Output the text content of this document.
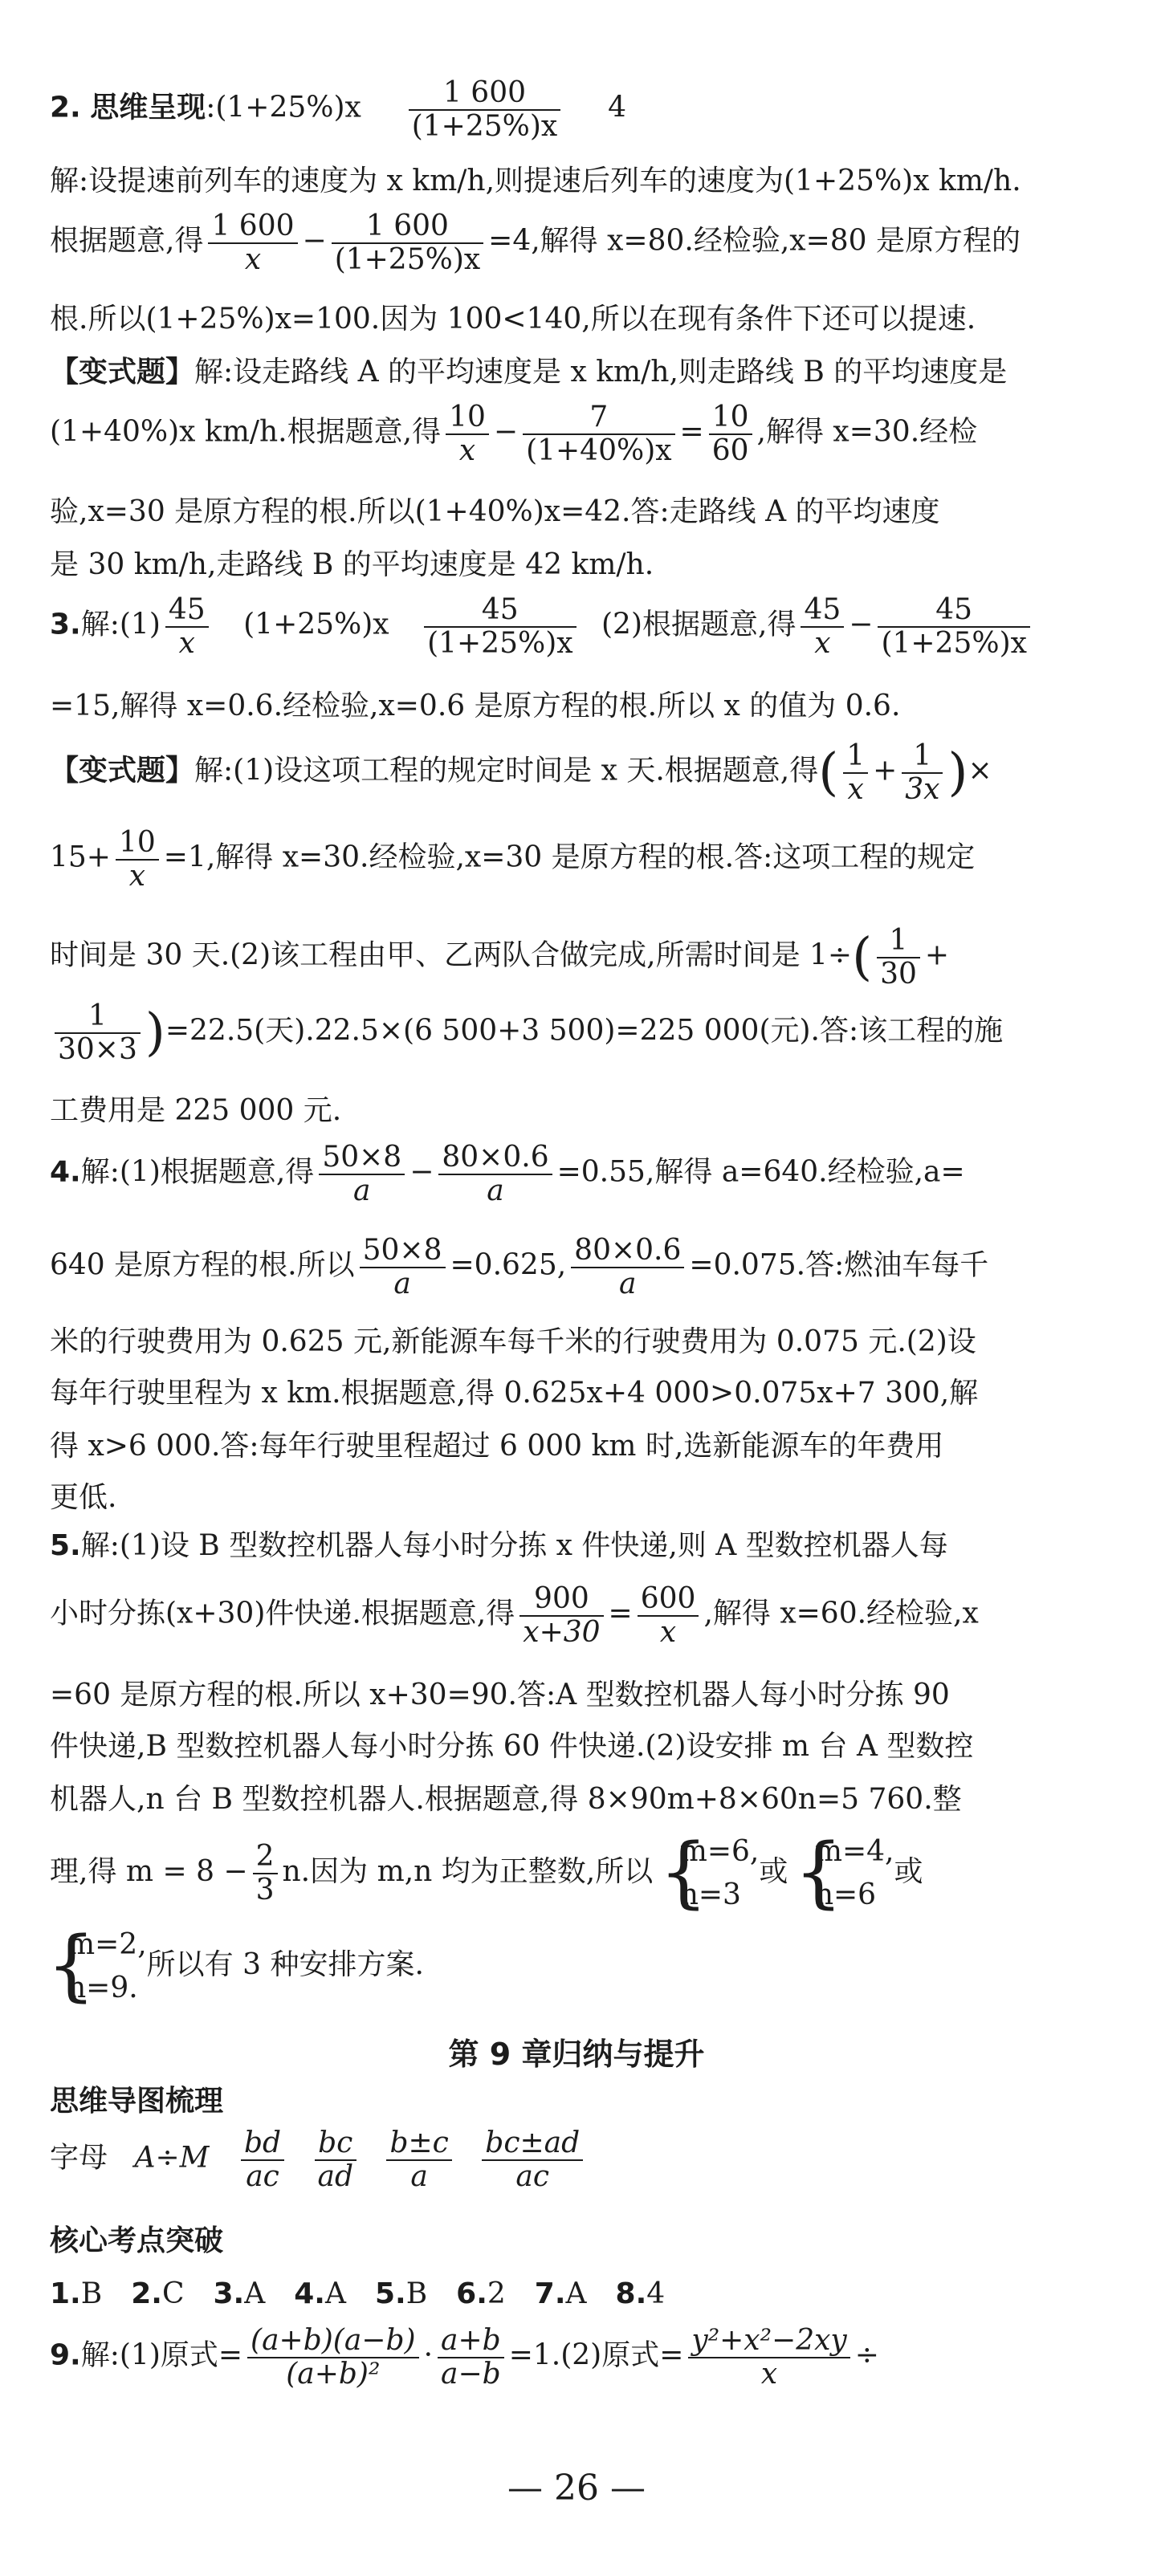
2. 思维呈现:(1+25%)x $\frac{1 600}{(1+25\%)x} 4$
解:设提速前列车的速度为 x km/h,则提速后列车的速度为(1+25%)x km/h.
根据题意,得 $\frac{1 600}{x} - \frac{1 600}{(1+25\%)x} =4$,解得 x=80.经检验,x=80 是原方程的
根.所以(1+25%)x=100.因为 100<140,所以在现有条件下还可以提速.
【变式题】解:设走路线 A 的平均速度是 x km/h,则走路线 B 的平均速度是
(1+40%)x km/h.根据题意,得 $\frac{10}{x} - \frac{7}{(1+40\%)x} = \frac{10}{60}$ ,解得 x=30.经检
验,x=30 是原方程的根.所以(1+40%)x=42.答:走路线 A 的平均速度
是 30 km/h,走路线 B 的平均速度是 42 km/h.
3.解:(1) $\frac{45}{x} (1+25\%)x \frac{45}{(1+25\%)x} (2)$根据题意,得 $\frac{45}{x} - \frac{45}{(1+25\%)x}$
=15,解得 x=0.6.经检验,x=0.6 是原方程的根.所以 x 的值为 0.6.
【变式题】解:(1)设这项工程的规定时间是 x 天.根据题意,得( $\frac{1}{x} + \frac{1}{3x}$ )×
$15+ \frac{10}{x} =1$,解得 x=30.经检验,x=30 是原方程的根.答:这项工程的规定
时间是 30 天.(2)该工程由甲、乙两队合做完成,所需时间是 $1\div( \frac{1}{30}$ +
$\frac{1}{30\times 3} )=22.5$(天).22.5×(6 500+3 500)=225 000(元).答:该工程的施
工费用是 225 000 元.
4.解:(1)根据题意,得 $\frac{50\times 8}{a} - \frac{80\times 0.6}{a} =0.55$,解得 a=640.经检验,a=
640 是原方程的根.所以 $\frac{50\times 8}{a} =0.625$, $\frac{80\times 0.6}{a} =0.075$.答:燃油车每千
米的行驶费用为 0.625 元,新能源车每千米的行驶费用为 0.075 元.(2)设
每年行驶里程为 x km.根据题意,得 0.625x+4 000>0.075x+7 300,解
得 x>6 000.答:每年行驶里程超过 6 000 km 时,选新能源车的年费用
更低.
5.解:(1)设 B 型数控机器人每小时分拣 x 件快递,则 A 型数控机器人每
小时分拣(x+30)件快递.根据题意,得 $\frac{900}{x+30} = \frac{600}{x}$ ,解得 x=60.经检验,x
=60 是原方程的根.所以 x+30=90.答:A 型数控机器人每小时分拣 90
件快递,B 型数控机器人每小时分拣 60 件快递.(2)设安排 m 台 A 型数控
机器人,n 台 B 型数控机器人.根据题意,得 8×90m+8×60n=5 760.整
理,得 $m = 8 - \frac{2}{3} n$.因为 m,n 均为正整数,所以
{ m=6,
n=3
或
{ m=4,
n=6
或
{ m=2,
n=9.
所以有 3 种安排方案.
第 9 章归纳与提升
思维导图梳理
字母 $A\div M \frac{bd}{ac}$
$\frac{bc}{ad}$
$\frac{b\pm c}{a}$
$\frac{bc\pm ad}{ac}$
核心考点突破
1.B 2.C 3.A 4.A 5.B 6.2 7.A 8.4
9.解:(1)原式= $\frac{(a+b)(a-b)}{\text{(a+b)²}} \cdot \frac{a+b}{a-b} =1.(2)$原式= $\frac{\text{y²+x²−2xy}}{x}$ ÷
— 26 —
